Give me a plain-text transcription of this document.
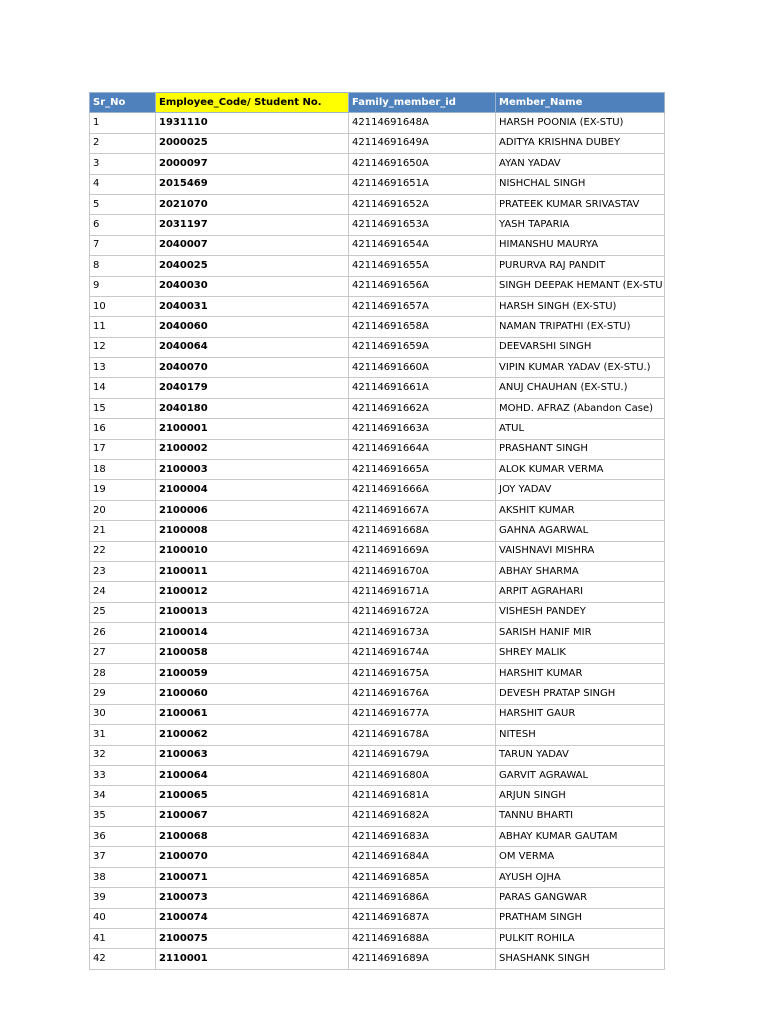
Sr_No	Employee_Code/ Student No.	Family_member_id	Member_Name
1	1931110	42114691648A	HARSH POONIA (EX-STU)
2	2000025	42114691649A	ADITYA KRISHNA DUBEY
3	2000097	42114691650A	AYAN YADAV
4	2015469	42114691651A	NISHCHAL SINGH
5	2021070	42114691652A	PRATEEK KUMAR SRIVASTAV
6	2031197	42114691653A	YASH TAPARIA
7	2040007	42114691654A	HIMANSHU MAURYA
8	2040025	42114691655A	PURURVA RAJ PANDIT
9	2040030	42114691656A	SINGH DEEPAK HEMANT (EX-STU
10	2040031	42114691657A	HARSH SINGH (EX-STU)
11	2040060	42114691658A	NAMAN TRIPATHI (EX-STU)
12	2040064	42114691659A	DEEVARSHI SINGH
13	2040070	42114691660A	VIPIN KUMAR YADAV (EX-STU.)
14	2040179	42114691661A	ANUJ CHAUHAN (EX-STU.)
15	2040180	42114691662A	MOHD. AFRAZ (Abandon Case)
16	2100001	42114691663A	ATUL
17	2100002	42114691664A	PRASHANT SINGH
18	2100003	42114691665A	ALOK KUMAR VERMA
19	2100004	42114691666A	JOY YADAV
20	2100006	42114691667A	AKSHIT KUMAR
21	2100008	42114691668A	GAHNA AGARWAL
22	2100010	42114691669A	VAISHNAVI MISHRA
23	2100011	42114691670A	ABHAY SHARMA
24	2100012	42114691671A	ARPIT AGRAHARI
25	2100013	42114691672A	VISHESH PANDEY
26	2100014	42114691673A	SARISH HANIF MIR
27	2100058	42114691674A	SHREY MALIK
28	2100059	42114691675A	HARSHIT KUMAR
29	2100060	42114691676A	DEVESH PRATAP SINGH
30	2100061	42114691677A	HARSHIT GAUR
31	2100062	42114691678A	NITESH
32	2100063	42114691679A	TARUN YADAV
33	2100064	42114691680A	GARVIT AGRAWAL
34	2100065	42114691681A	ARJUN SINGH
35	2100067	42114691682A	TANNU BHARTI
36	2100068	42114691683A	ABHAY KUMAR GAUTAM
37	2100070	42114691684A	OM VERMA
38	2100071	42114691685A	AYUSH OJHA
39	2100073	42114691686A	PARAS GANGWAR
40	2100074	42114691687A	PRATHAM SINGH
41	2100075	42114691688A	PULKIT ROHILA
42	2110001	42114691689A	SHASHANK SINGH
